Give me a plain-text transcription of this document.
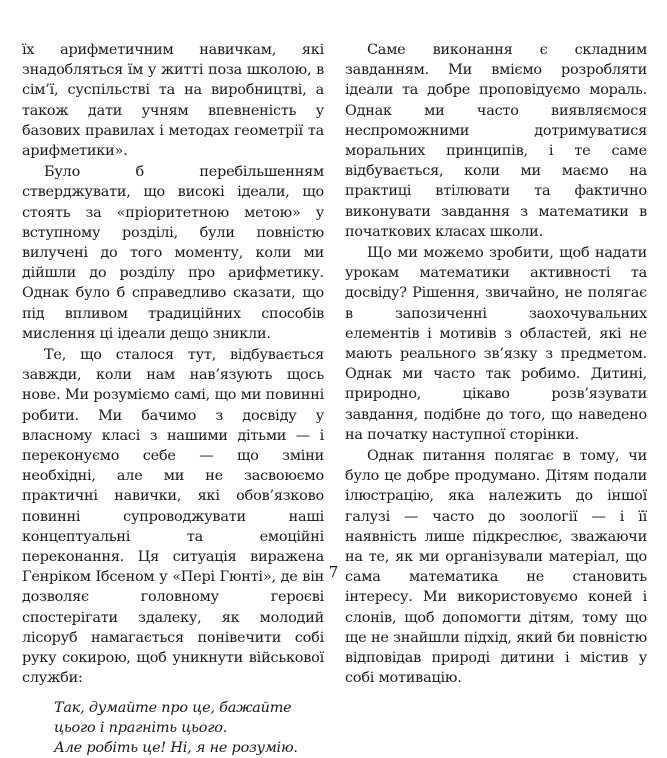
їх арифметичним навичкам, які знадобляться їм у житті поза школою, в сім’ї, суспільстві та на виробництві, а також дати учням впевненість у базових правилах і методах геометрії та арифметики».

Було б перебільшенням стверджувати, що високі ідеали, що стоять за «пріоритетною метою» у вступному розділі, були повністю вилучені до того моменту, коли ми дійшли до розділу про арифметику. Однак було б справедливо сказати, що під впливом традиційних способів мислення ці ідеали дещо зникли.

Те, що сталося тут, відбувається завжди, коли нам нав’язують щось нове. Ми розуміємо самі, що ми повинні робити. Ми бачимо з досвіду у власному класі з нашими дітьми — і переконуємо себе — що зміни необхідні, але ми не засвоюємо практичні навички, які обов’язково повинні супроводжувати наші концептуальні та емоційні переконання. Ця ситуація виражена Генріком Ібсеном у «Пері Гюнті», де він дозволяє головному героєві спостерігати здалеку, як молодий лісоруб намагається понівечити собі руку сокирою, щоб уникнути військової служби:

Так, думайте про це, бажайте
цього і прагніть цього.
Але робіть це! Ні, я не розумію.

Саме виконання є складним завданням. Ми вміємо розробляти ідеали та добре проповідуємо мораль. Однак ми часто виявляємося неспроможними дотримуватися моральних принципів, і те саме відбувається, коли ми маємо на практиці втілювати та фактично виконувати завдання з математики в початкових класах школи.

Що ми можемо зробити, щоб надати урокам математики активності та досвіду? Рішення, звичайно, не полягає в запозиченні заохочувальних елементів і мотивів з областей, які не мають реального зв’язку з предметом. Однак ми часто так робимо. Дитині, природно, цікаво розв’язувати завдання, подібне до того, що наведено на початку наступної сторінки.

Однак питання полягає в тому, чи було це добре продумано. Дітям подали ілюстрацію, яка належить до іншої галузі — часто до зоології — і її наявність лише підкреслює, зважаючи на те, як ми організували матеріал, що сама математика не становить інтересу. Ми використовуємо коней і слонів, щоб допомогти дітям, тому що ще не знайшли підхід, який би повністю відповідав природі дитини і містив у собі мотивацію.

7
